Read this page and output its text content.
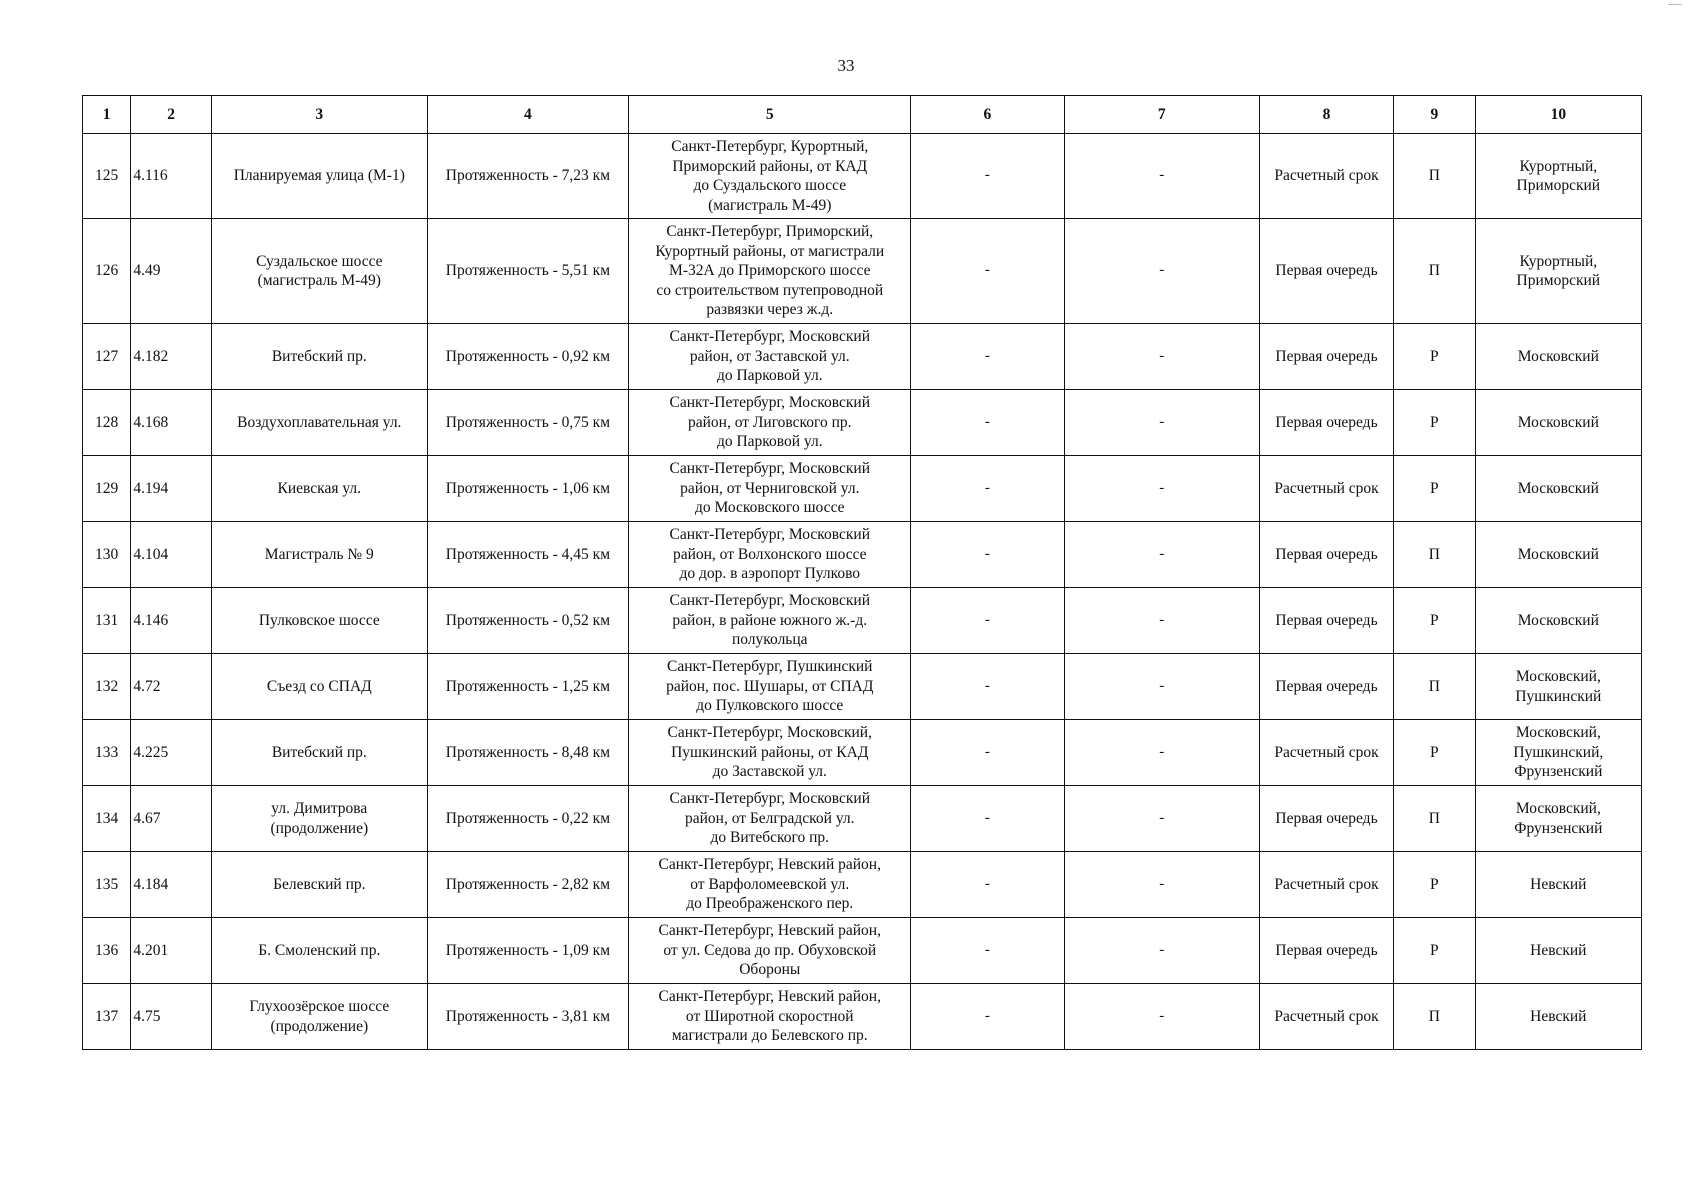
33
1	2	3	4	5	6	7	8	9	10
125	4.116	Планируемая улица (М-1)	Протяженность - 7,23 км	Санкт-Петербург, Курортный,
Приморский районы, от КАД
до Суздальского шоссе
(магистраль М-49)	-	-	Расчетный срок	П	Курортный,
Приморский
126	4.49	Суздальское шоссе
(магистраль М-49)	Протяженность - 5,51 км	Санкт-Петербург, Приморский,
Курортный районы, от магистрали
М-32А до Приморского шоссе
со строительством путепроводной
развязки через ж.д.	-	-	Первая очередь	П	Курортный,
Приморский
127	4.182	Витебский пр.	Протяженность - 0,92 км	Санкт-Петербург, Московский
район, от Заставской ул.
до Парковой ул.	-	-	Первая очередь	Р	Московский
128	4.168	Воздухоплавательная ул.	Протяженность - 0,75 км	Санкт-Петербург, Московский
район, от Лиговского пр.
до Парковой ул.	-	-	Первая очередь	Р	Московский
129	4.194	Киевская ул.	Протяженность - 1,06 км	Санкт-Петербург, Московский
район, от Черниговской ул.
до Московского шоссе	-	-	Расчетный срок	Р	Московский
130	4.104	Магистраль № 9	Протяженность - 4,45 км	Санкт-Петербург, Московский
район, от Волхонского шоссе
до дор. в аэропорт Пулково	-	-	Первая очередь	П	Московский
131	4.146	Пулковское шоссе	Протяженность - 0,52 км	Санкт-Петербург, Московский
район, в районе южного ж.-д.
полукольца	-	-	Первая очередь	Р	Московский
132	4.72	Съезд со СПАД	Протяженность - 1,25 км	Санкт-Петербург, Пушкинский
район, пос. Шушары, от СПАД
до Пулковского шоссе	-	-	Первая очередь	П	Московский,
Пушкинский
133	4.225	Витебский пр.	Протяженность - 8,48 км	Санкт-Петербург, Московский,
Пушкинский районы, от КАД
до Заставской ул.	-	-	Расчетный срок	Р	Московский,
Пушкинский,
Фрунзенский
134	4.67	ул. Димитрова
(продолжение)	Протяженность - 0,22 км	Санкт-Петербург, Московский
район, от Белградской ул.
до Витебского пр.	-	-	Первая очередь	П	Московский,
Фрунзенский
135	4.184	Белевский пр.	Протяженность - 2,82 км	Санкт-Петербург, Невский район,
от Варфоломеевской ул.
до Преображенского пер.	-	-	Расчетный срок	Р	Невский
136	4.201	Б. Смоленский пр.	Протяженность - 1,09 км	Санкт-Петербург, Невский район,
от ул. Седова до пр. Обуховской
Обороны	-	-	Первая очередь	Р	Невский
137	4.75	Глухоозёрское шоссе
(продолжение)	Протяженность - 3,81 км	Санкт-Петербург, Невский район,
от Широтной скоростной
магистрали до Белевского пр.	-	-	Расчетный срок	П	Невский
